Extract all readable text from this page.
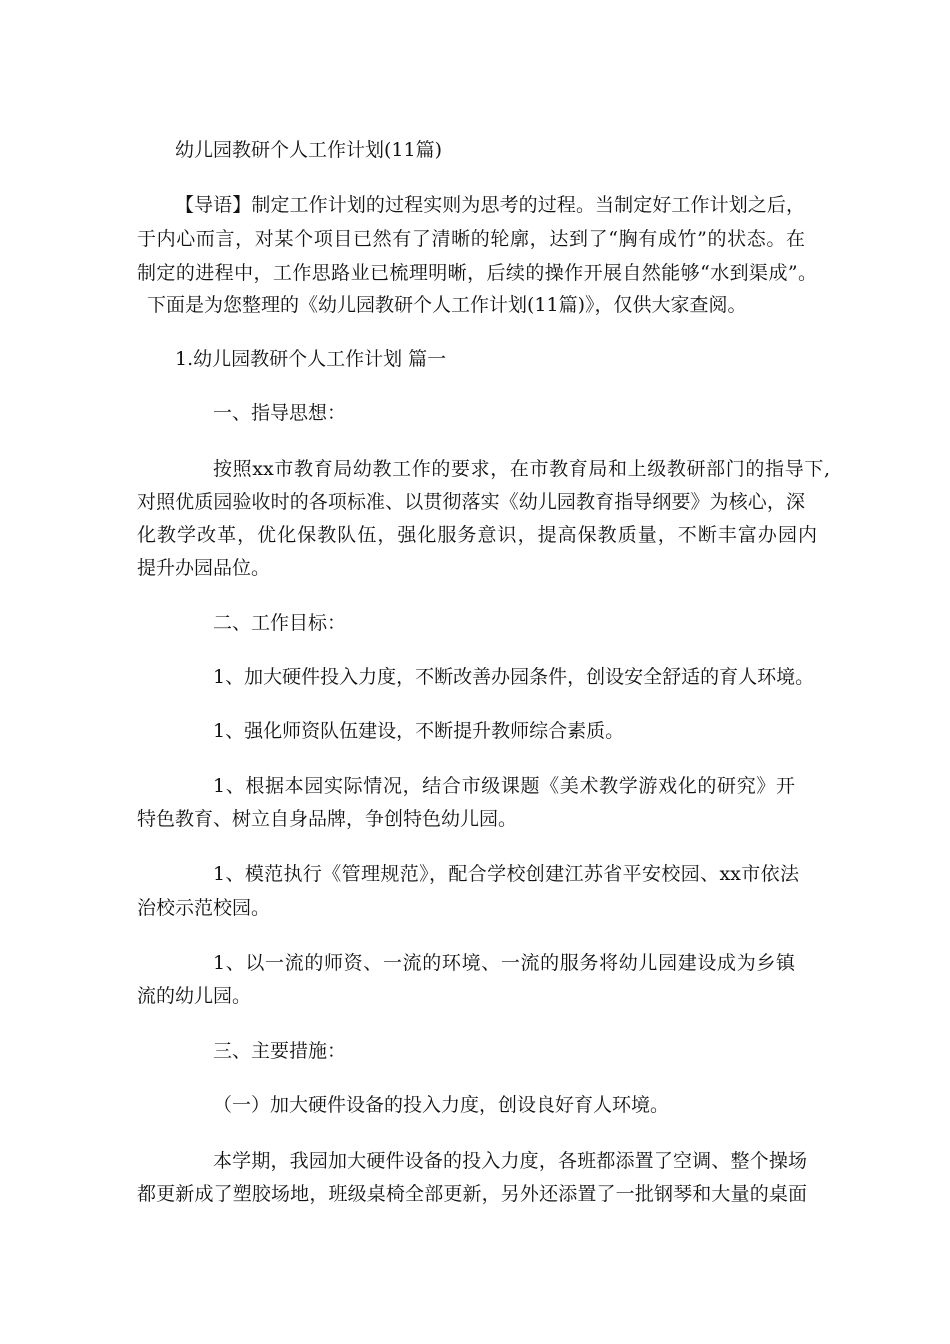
幼儿园教研个人工作计划(11篇)
【导语】制定工作计划的过程实则为思考的过程。当制定好工作计划之后，
于内心而言，对某个项目已然有了清晰的轮廓，达到了“胸有成竹”的状态。在
制定的进程中，工作思路业已梳理明晰，后续的操作开展自然能够“水到渠成”。
下面是为您整理的《幼儿园教研个人工作计划(11篇)》，仅供大家查阅。
1.幼儿园教研个人工作计划 篇一
一、指导思想：
按照xx市教育局幼教工作的要求，在市教育局和上级教研部门的指导下,
对照优质园验收时的各项标准、以贯彻落实《幼儿园教育指导纲要》为核心，深
化教学改革，优化保教队伍，强化服务意识，提高保教质量，不断丰富办园内
提升办园品位。
二、工作目标：
1、加大硬件投入力度，不断改善办园条件，创设安全舒适的育人环境。
1、强化师资队伍建设，不断提升教师综合素质。
1、根据本园实际情况，结合市级课题《美术教学游戏化的研究》开
特色教育、树立自身品牌，争创特色幼儿园。
1、模范执行《管理规范》，配合学校创建江苏省平安校园、xx市依法
治校示范校园。
1、以一流的师资、一流的环境、一流的服务将幼儿园建设成为乡镇
流的幼儿园。
三、主要措施：
（一）加大硬件设备的投入力度，创设良好育人环境。
本学期，我园加大硬件设备的投入力度，各班都添置了空调、整个操场
都更新成了塑胶场地，班级桌椅全部更新，另外还添置了一批钢琴和大量的桌面
